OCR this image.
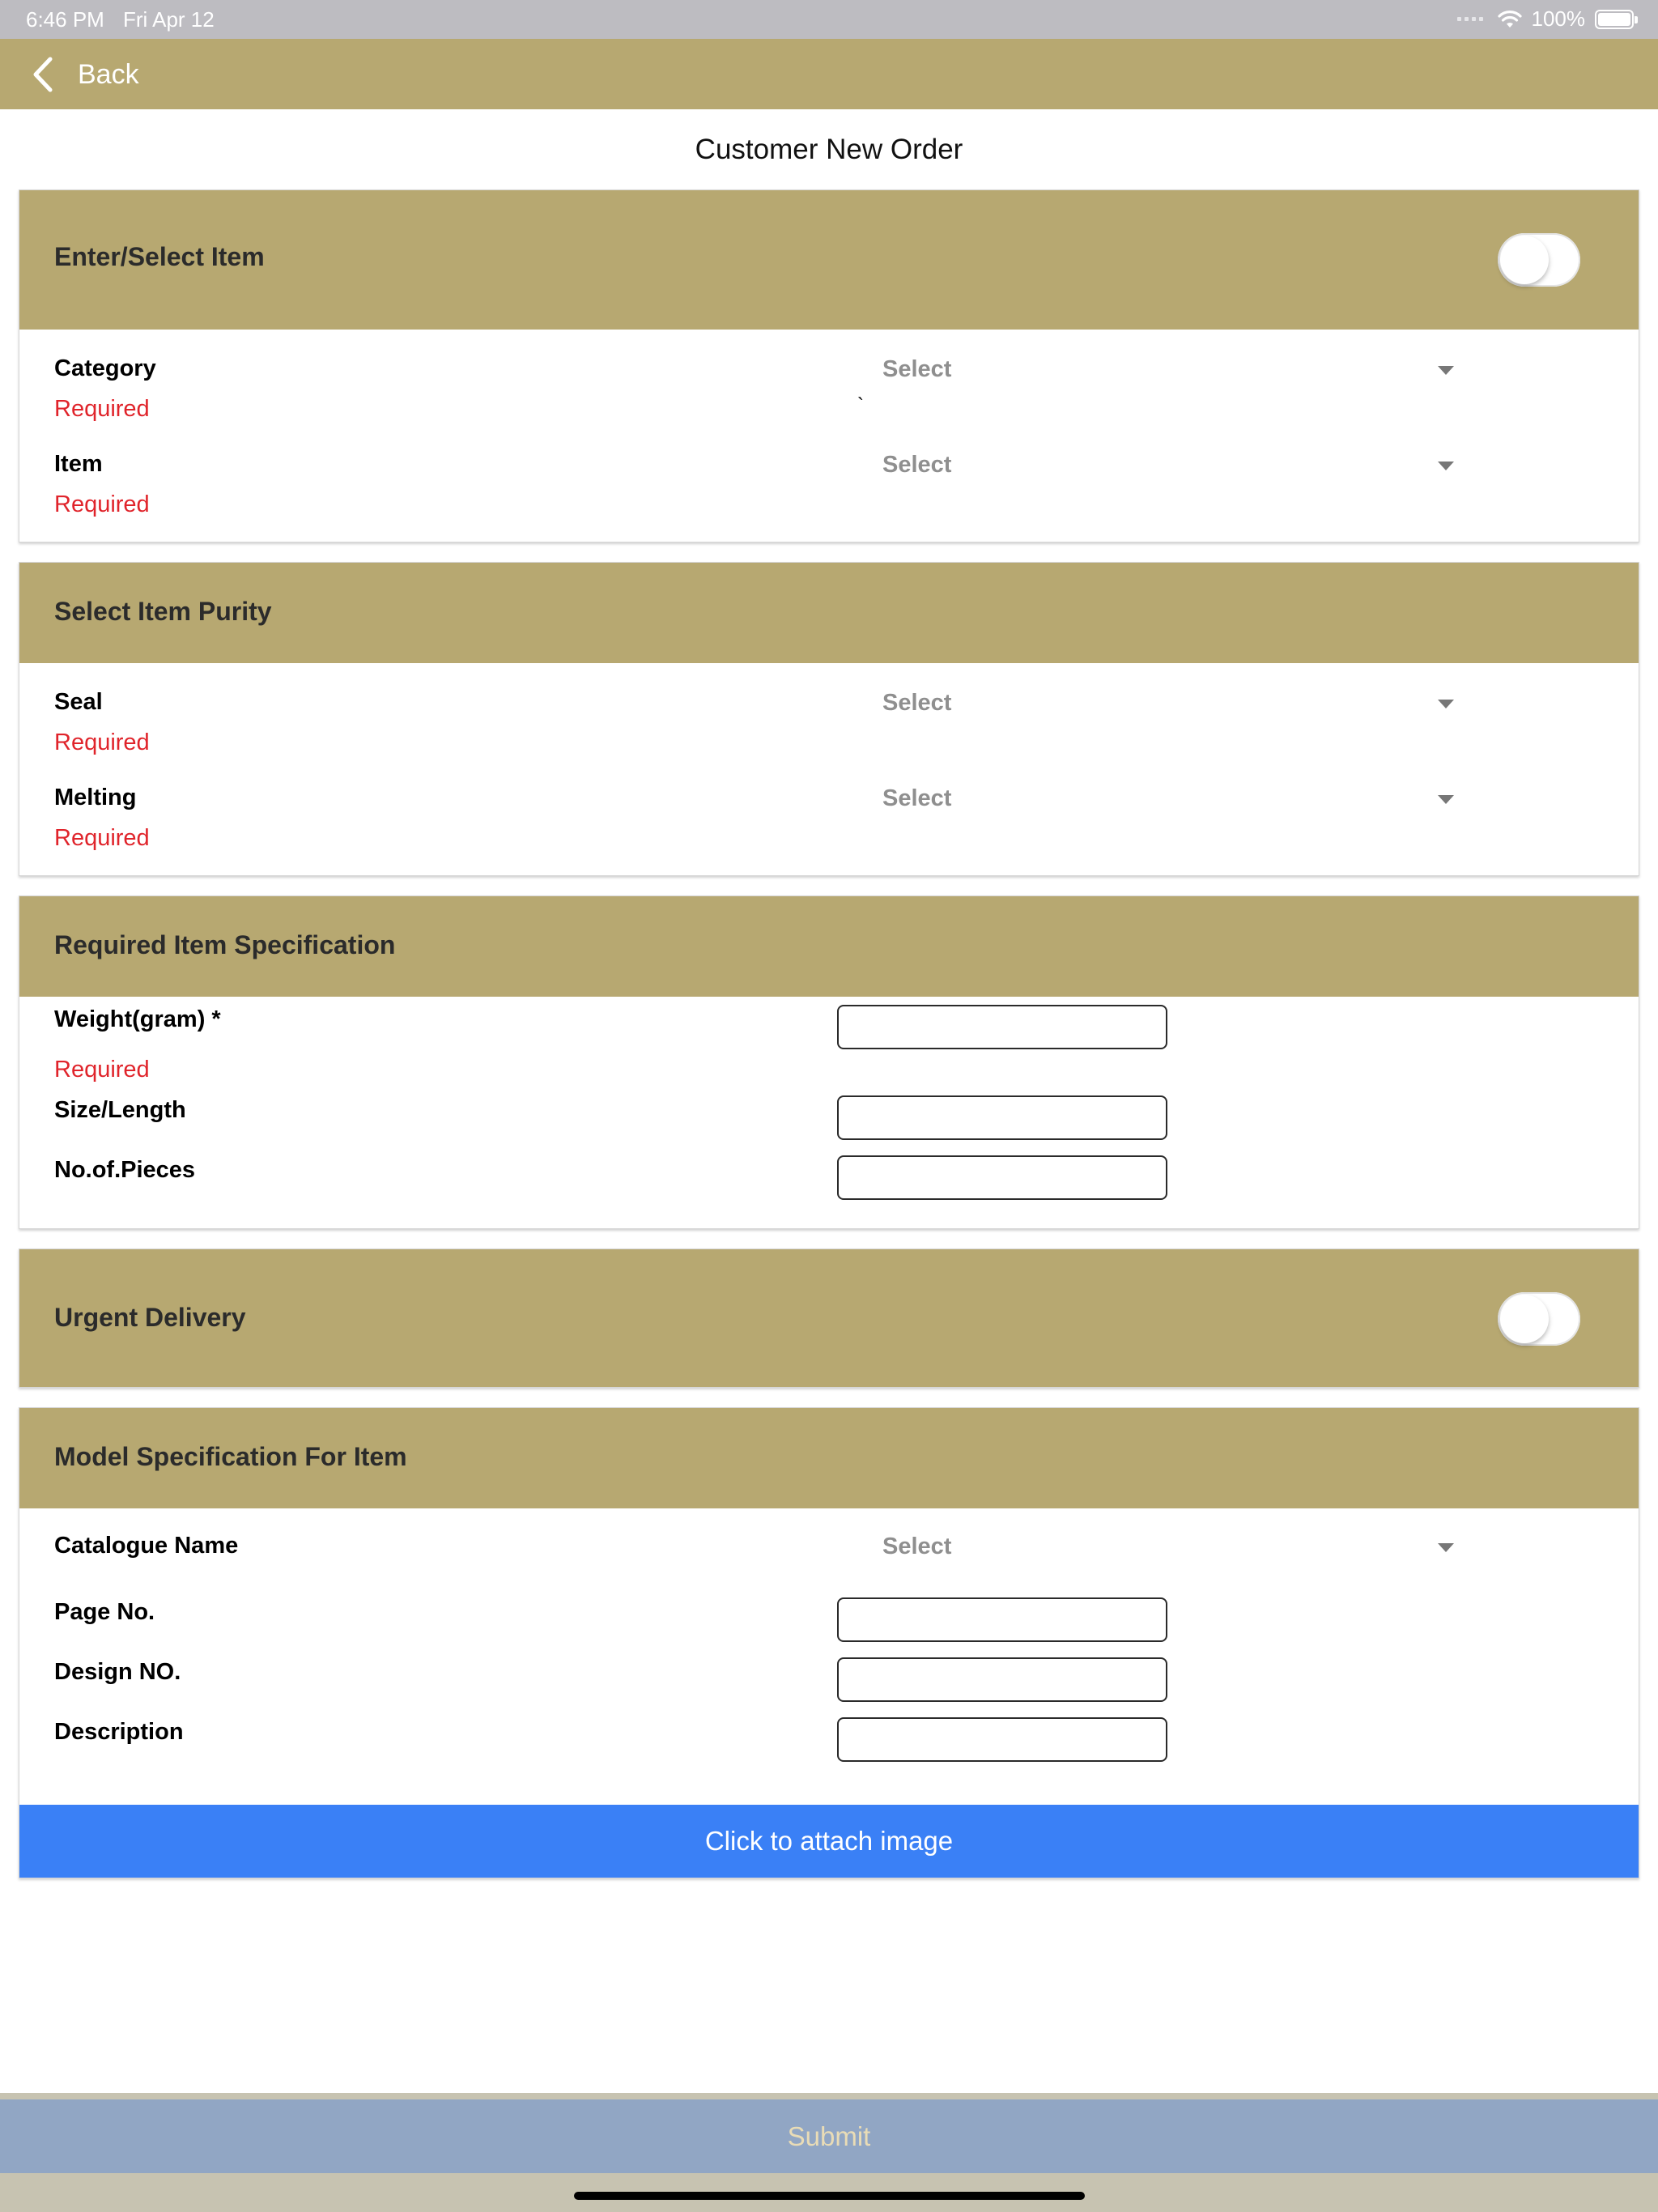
6:46 PM Fri Apr 12	100%
Back
Customer New Order
Enter/Select Item
Category
Required
Select
`
Item
Required
Select
Select Item Purity
Seal
Required
Select
Melting
Required
Select
Required Item Specification
Weight(gram) *
Required
Size/Length
No.of.Pieces
Urgent Delivery
Model Specification For Item
Catalogue Name	Select
Page No.
Design NO.
Description
Click to attach image
Submit
